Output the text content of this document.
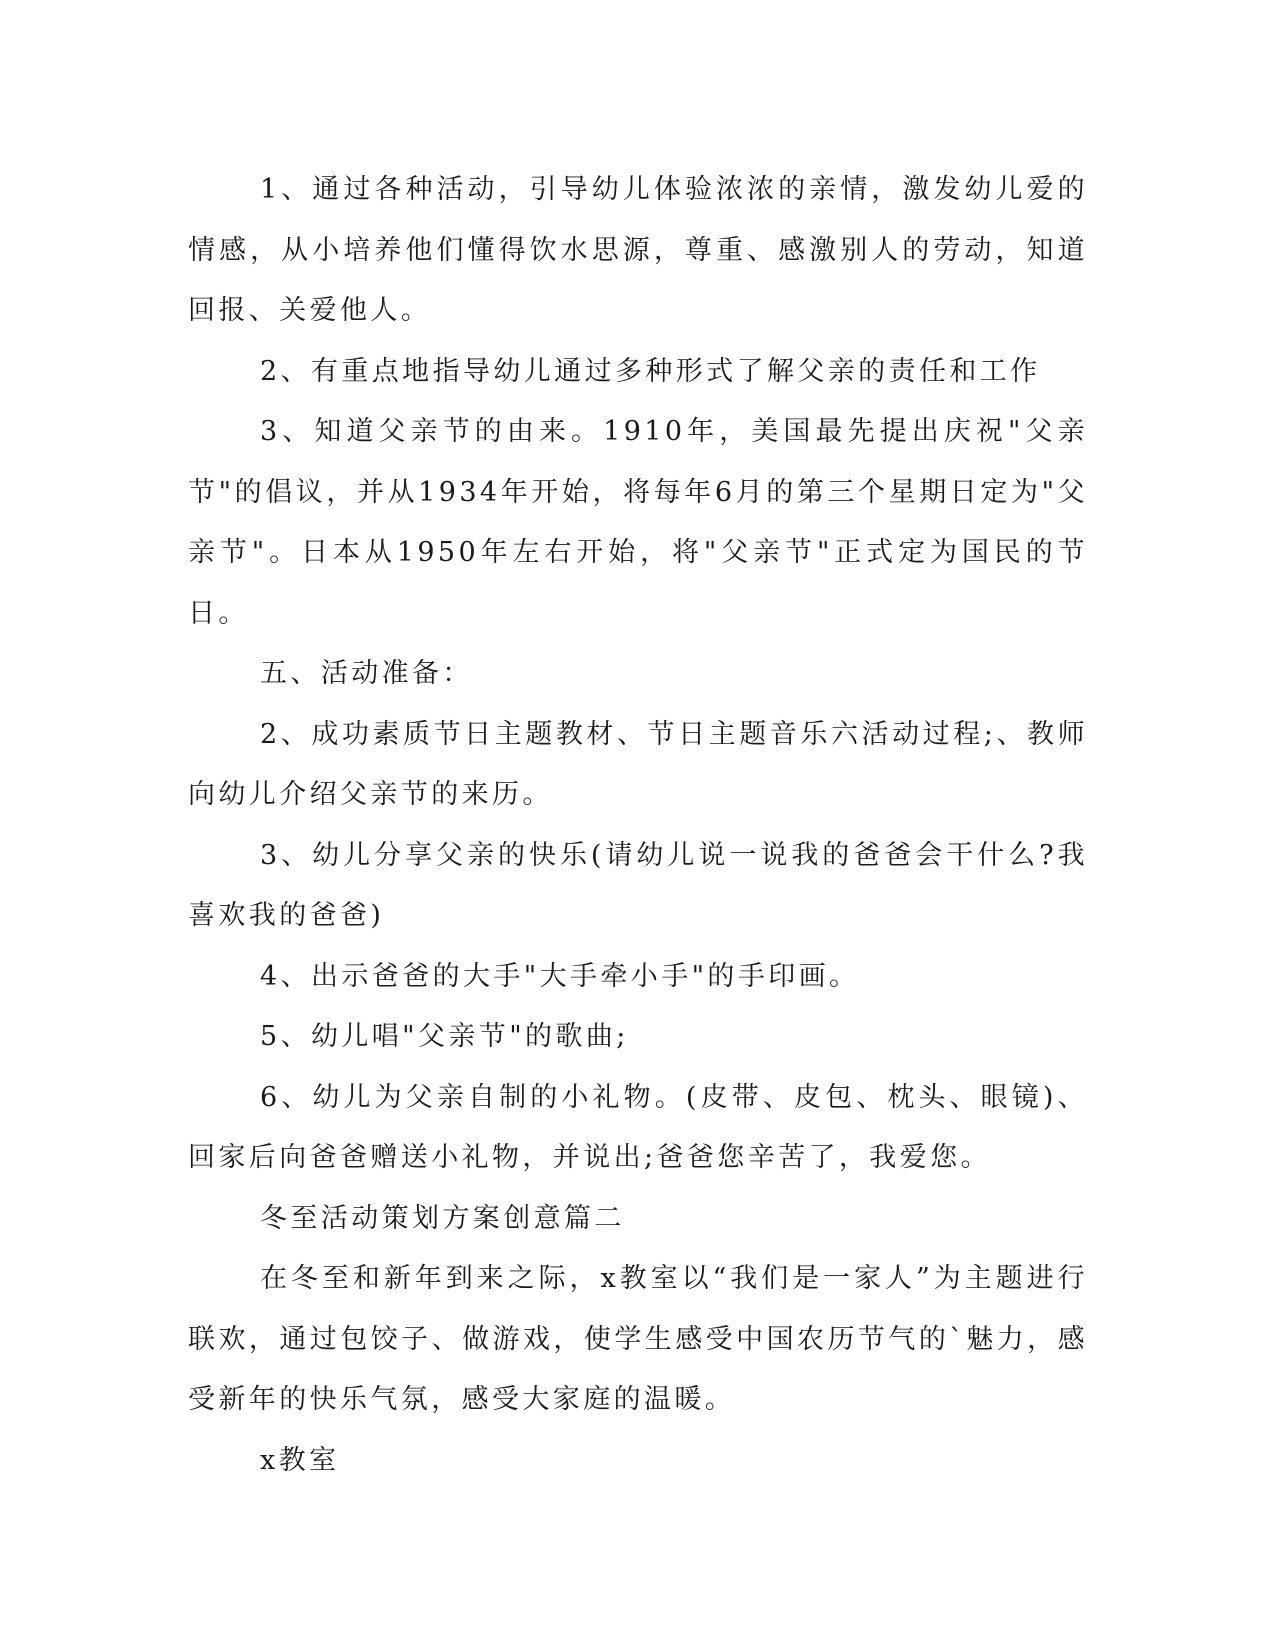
1、通过各种活动，引导幼儿体验浓浓的亲情，激发幼儿爱的情感，从小培养他们懂得饮水思源，尊重、感激别人的劳动，知道回报、关爱他人。

2、有重点地指导幼儿通过多种形式了解父亲的责任和工作

3、知道父亲节的由来。1910年，美国最先提出庆祝"父亲节"的倡议，并从1934年开始，将每年6月的第三个星期日定为"父亲节"。日本从1950年左右开始，将"父亲节"正式定为国民的节日。

五、活动准备：

2、成功素质节日主题教材、节日主题音乐六活动过程;、教师向幼儿介绍父亲节的来历。

3、幼儿分享父亲的快乐(请幼儿说一说我的爸爸会干什么?我喜欢我的爸爸)

4、出示爸爸的大手"大手牵小手"的手印画。

5、幼儿唱"父亲节"的歌曲;

6、幼儿为父亲自制的小礼物。(皮带、皮包、枕头、眼镜)、回家后向爸爸赠送小礼物，并说出;爸爸您辛苦了，我爱您。

冬至活动策划方案创意篇二

在冬至和新年到来之际，x教室以“我们是一家人”为主题进行联欢，通过包饺子、做游戏，使学生感受中国农历节气的`魅力，感受新年的快乐气氛，感受大家庭的温暖。

x教室
